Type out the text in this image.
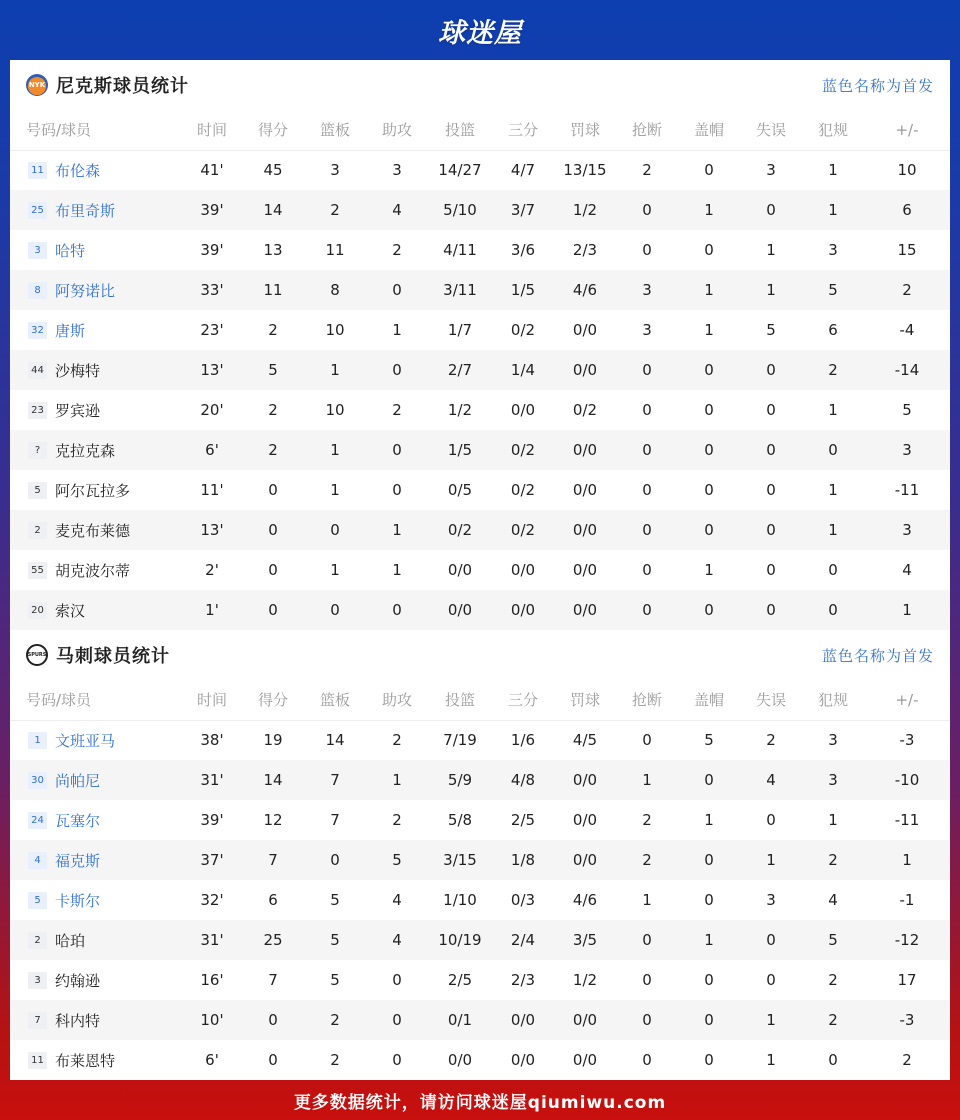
球迷屋
NYK 尼克斯球员统计	蓝色名称为首发
号码/球员	时间	得分	篮板	助攻	投篮	三分	罚球	抢断	盖帽	失误	犯规	+/-
11 布伦森	41'	45	3	3	14/27	4/7	13/15	2	0	3	1	10
25 布里奇斯	39'	14	2	4	5/10	3/7	1/2	0	1	0	1	6
3 哈特	39'	13	11	2	4/11	3/6	2/3	0	0	1	3	15
8 阿努诺比	33'	11	8	0	3/11	1/5	4/6	3	1	1	5	2
32 唐斯	23'	2	10	1	1/7	0/2	0/0	3	1	5	6	-4
44 沙梅特	13'	5	1	0	2/7	1/4	0/0	0	0	0	2	-14
23 罗宾逊	20'	2	10	2	1/2	0/0	0/2	0	0	0	1	5
? 克拉克森	6'	2	1	0	1/5	0/2	0/0	0	0	0	0	3
5 阿尔瓦拉多	11'	0	1	0	0/5	0/2	0/0	0	0	0	1	-11
2 麦克布莱德	13'	0	0	1	0/2	0/2	0/0	0	0	0	1	3
55 胡克波尔蒂	2'	0	1	1	0/0	0/0	0/0	0	1	0	0	4
20 索汉	1'	0	0	0	0/0	0/0	0/0	0	0	0	0	1
SPURS 马刺球员统计	蓝色名称为首发
号码/球员	时间	得分	篮板	助攻	投篮	三分	罚球	抢断	盖帽	失误	犯规	+/-
1 文班亚马	38'	19	14	2	7/19	1/6	4/5	0	5	2	3	-3
30 尚帕尼	31'	14	7	1	5/9	4/8	0/0	1	0	4	3	-10
24 瓦塞尔	39'	12	7	2	5/8	2/5	0/0	2	1	0	1	-11
4 福克斯	37'	7	0	5	3/15	1/8	0/0	2	0	1	2	1
5 卡斯尔	32'	6	5	4	1/10	0/3	4/6	1	0	3	4	-1
2 哈珀	31'	25	5	4	10/19	2/4	3/5	0	1	0	5	-12
3 约翰逊	16'	7	5	0	2/5	2/3	1/2	0	0	0	2	17
7 科内特	10'	0	2	0	0/1	0/0	0/0	0	0	1	2	-3
11 布莱恩特	6'	0	2	0	0/0	0/0	0/0	0	0	1	0	2
更多数据统计，请访问球迷屋qiumiwu.com
